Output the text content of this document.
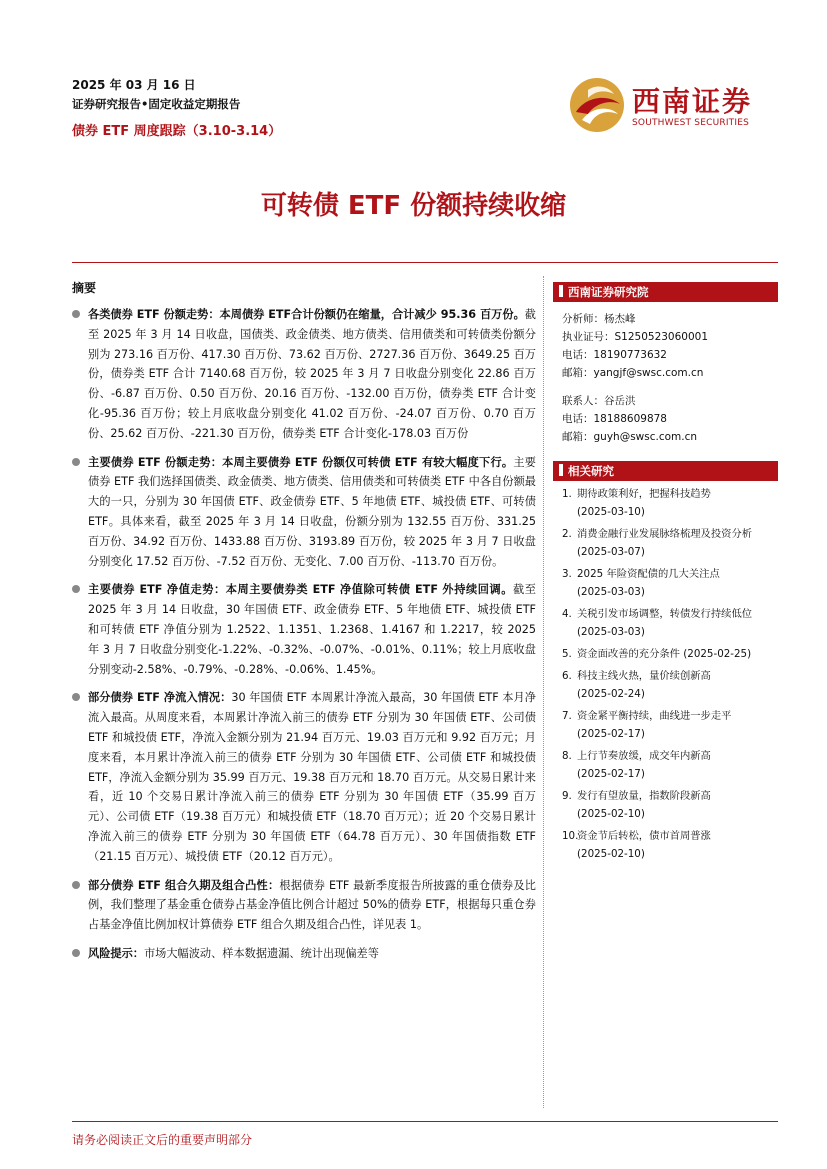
2025 年 03 月 16 日
证券研究报告•固定收益定期报告
债券 ETF 周度跟踪（3.10-3.14）
西南证券
SOUTHWEST SECURITIES
可转债 ETF 份额持续收缩
摘要
各类债券 ETF 份额走势：本周债券 ETF合计份额仍在缩量，合计减少 95.36 百万份。截至 2025 年 3 月 14 日收盘，国债类、政金债类、地方债类、信用债类和可转债类份额分别为 273.16 百万份、417.30 百万份、73.62 百万份、2727.36 百万份、3649.25 百万份，债券类 ETF 合计 7140.68 百万份，较 2025 年 3 月 7 日收盘分别变化 22.86 百万份、-6.87 百万份、0.50 百万份、20.16 百万份、-132.00 百万份，债券类 ETF 合计变化-95.36 百万份；较上月底收盘分别变化 41.02 百万份、-24.07 百万份、0.70 百万份、25.62 百万份、-221.30 百万份，债券类 ETF 合计变化-178.03 百万份
主要债券 ETF 份额走势：本周主要债券 ETF 份额仅可转债 ETF 有较大幅度下行。主要债券 ETF 我们选择国债类、政金债类、地方债类、信用债类和可转债类 ETF 中各自份额最大的一只，分别为 30 年国债 ETF、政金债券 ETF、5 年地债 ETF、城投债 ETF、可转债 ETF。具体来看，截至 2025 年 3 月 14 日收盘，份额分别为 132.55 百万份、331.25 百万份、34.92 百万份、1433.88 百万份、3193.89 百万份，较 2025 年 3 月 7 日收盘分别变化 17.52 百万份、-7.52 百万份、无变化、7.00 百万份、-113.70 百万份。
主要债券 ETF 净值走势：本周主要债券类 ETF 净值除可转债 ETF 外持续回调。截至 2025 年 3 月 14 日收盘，30 年国债 ETF、政金债券 ETF、5 年地债 ETF、城投债 ETF 和可转债 ETF 净值分别为 1.2522、1.1351、1.2368、1.4167 和 1.2217，较 2025 年 3 月 7 日收盘分别变化-1.22%、-0.32%、-0.07%、-0.01%、0.11%；较上月底收盘分别变动-2.58%、-0.79%、-0.28%、-0.06%、1.45%。
部分债券 ETF 净流入情况：30 年国债 ETF 本周累计净流入最高，30 年国债 ETF 本月净流入最高。从周度来看，本周累计净流入前三的债券 ETF 分别为 30 年国债 ETF、公司债 ETF 和城投债 ETF，净流入金额分别为 21.94 百万元、19.03 百万元和 9.92 百万元；月度来看，本月累计净流入前三的债券 ETF 分别为 30 年国债 ETF、公司债 ETF 和城投债 ETF，净流入金额分别为 35.99 百万元、19.38 百万元和 18.70 百万元。从交易日累计来看，近 10 个交易日累计净流入前三的债券 ETF 分别为 30 年国债 ETF（35.99 百万元）、公司债 ETF（19.38 百万元）和城投债 ETF（18.70 百万元）；近 20 个交易日累计净流入前三的债券 ETF 分别为 30 年国债 ETF（64.78 百万元）、30 年国债指数 ETF（21.15 百万元）、城投债 ETF（20.12 百万元）。
部分债券 ETF 组合久期及组合凸性：根据债券 ETF 最新季度报告所披露的重仓债券及比例，我们整理了基金重仓债券占基金净值比例合计超过 50%的债券 ETF，根据每只重仓券占基金净值比例加权计算债券 ETF 组合久期及组合凸性，详见表 1。
风险提示：市场大幅波动、样本数据遗漏、统计出现偏差等
西南证券研究院
分析师：杨杰峰
执业证号：S1250523060001
电话：18190773632
邮箱：yangjf@swsc.com.cn
联系人：谷岳洪
电话：18188609878
邮箱：guyh@swsc.com.cn
相关研究
1. 期待政策利好，把握科技趋势
(2025-03-10)
2. 消费金融行业发展脉络梳理及投资分析
(2025-03-07)
3. 2025 年险资配债的几大关注点
(2025-03-03)
4. 关税引发市场调整，转债发行持续低位
(2025-03-03)
5. 资金面改善的充分条件 (2025-02-25)
6. 科技主线火热，量价续创新高
(2025-02-24)
7. 资金紧平衡持续，曲线进一步走平
(2025-02-17)
8. 上行节奏放缓，成交年内新高
(2025-02-17)
9. 发行有望放量，指数阶段新高
(2025-02-10)
10.
资金节后转松，债市首周普涨
(2025-02-10)
请务必阅读正文后的重要声明部分
